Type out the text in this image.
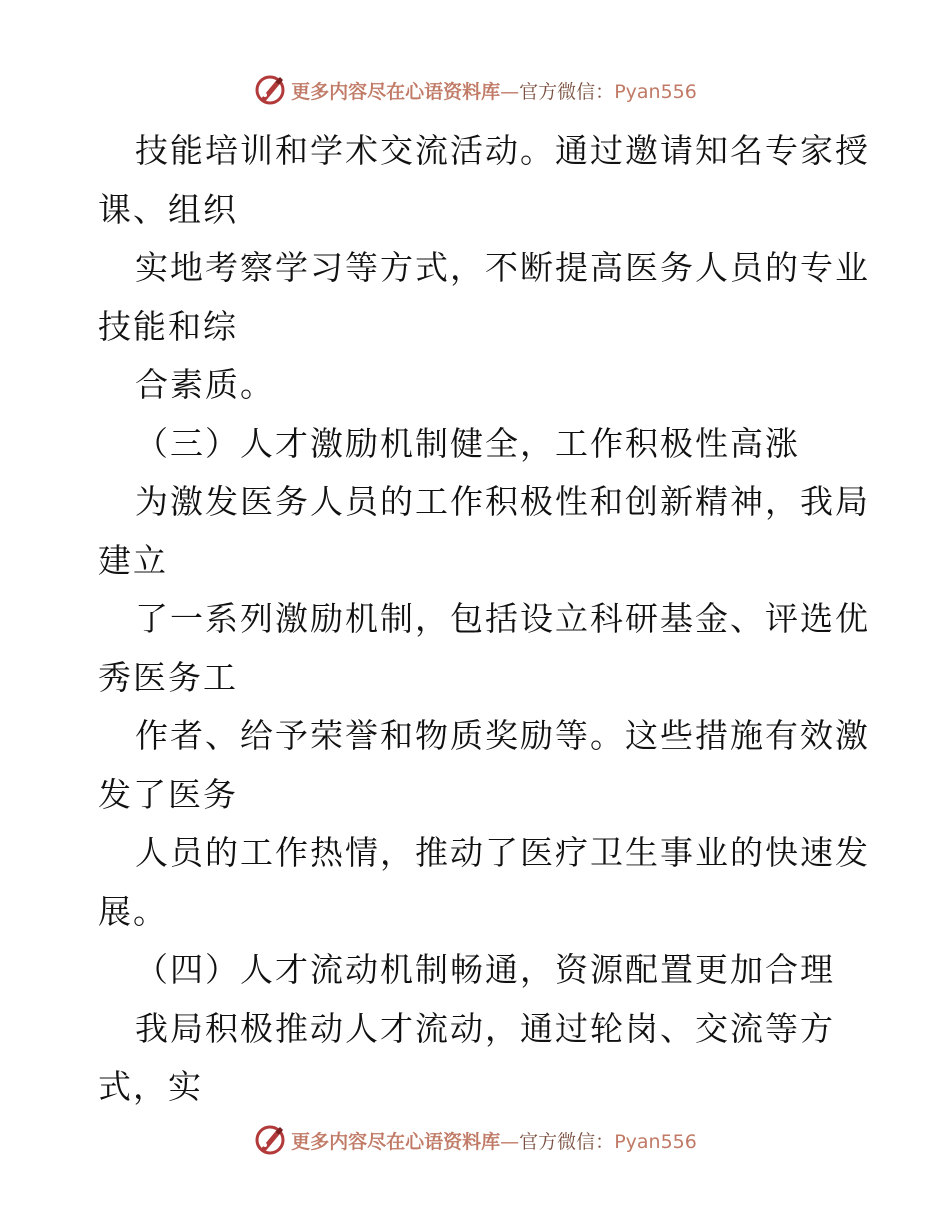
更多内容尽在心语资料库—官方微信：Pyan556
技能培训和学术交流活动。通过邀请知名专家授
课、组织
实地考察学习等方式，不断提高医务人员的专业
技能和综
合素质。
（三）人才激励机制健全，工作积极性高涨
为激发医务人员的工作积极性和创新精神，我局
建立
了一系列激励机制，包括设立科研基金、评选优
秀医务工
作者、给予荣誉和物质奖励等。这些措施有效激
发了医务
人员的工作热情，推动了医疗卫生事业的快速发
展。
（四）人才流动机制畅通，资源配置更加合理
我局积极推动人才流动，通过轮岗、交流等方
式，实
更多内容尽在心语资料库—官方微信：Pyan556
